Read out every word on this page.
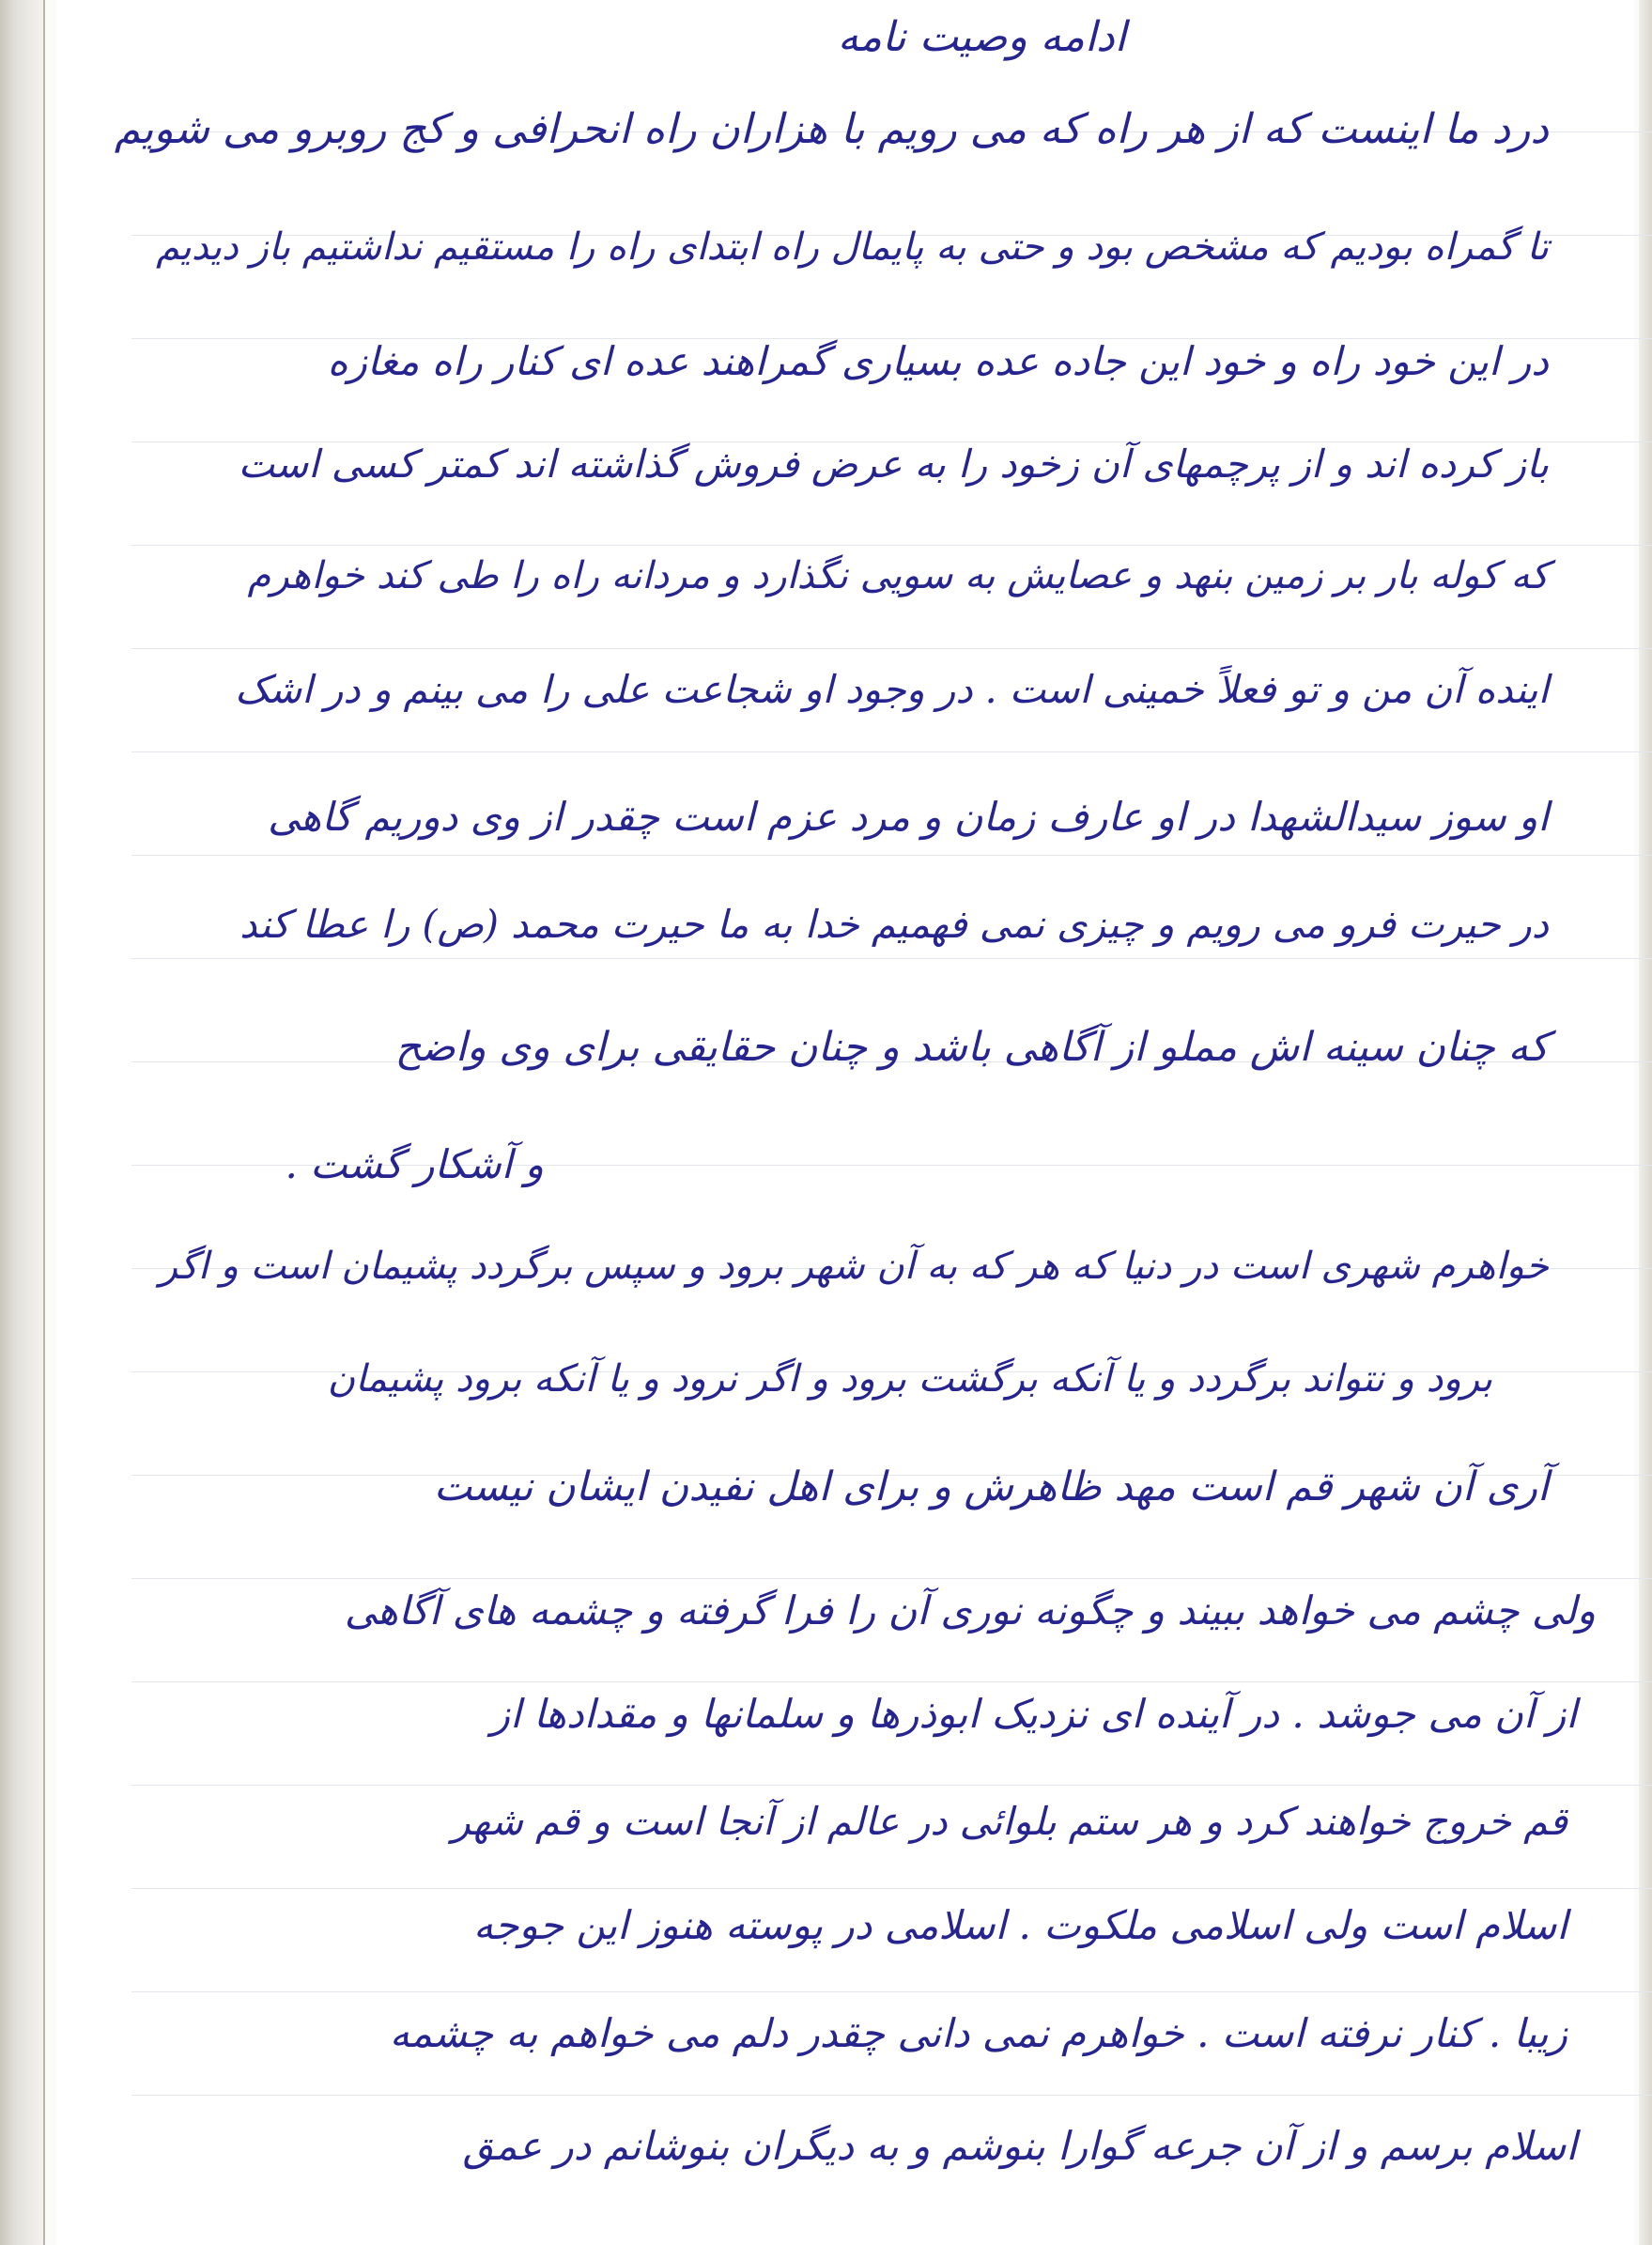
ادامه وصیت نامه
درد ما اینست که از هر راه که می رویم با هزاران راه انحرافی و کج روبرو می شویم
تا گمراه بودیم که مشخص بود و حتی به پایمال راه ابتدای راه را مستقیم نداشتیم باز دیدیم
در این خود راه و خود این جاده عده بسیاری گمراهند عده ای کنار راه مغازه
باز کرده اند و از پرچمهای آن زخود را به عرض فروش گذاشته اند کمتر کسی است
که کوله بار بر زمین بنهد و عصایش به سویی نگذارد و مردانه راه را طی کند خواهرم
اینده آن من و تو فعلاً خمینی است . در وجود او شجاعت علی را می بینم و در اشک
او سوز سیدالشهدا در او عارف زمان و مرد عزم است چقدر از وی دوریم گاهی
در حیرت فرو می رویم و چیزی نمی فهمیم خدا به ما حیرت محمد (ص) را عطا کند
که چنان سینه اش مملو از آگاهی باشد و چنان حقایقی برای وی واضح
و آشکار گشت .
خواهرم شهری است در دنیا که هر که به آن شهر برود و سپس برگردد پشیمان است و اگر
برود و نتواند برگردد و یا آنکه برگشت برود و اگر نرود و یا آنکه برود پشیمان
آری آن شهر قم است مهد ظاهرش و برای اهل نفیدن ایشان نیست
ولی چشم می خواهد ببیند و چگونه نوری آن را فرا گرفته و چشمه های آگاهی
از آن می جوشد . در آینده ای نزدیک ابوذرها و سلمانها و مقدادها از
قم خروج خواهند کرد و هر ستم بلوائی در عالم از آنجا است و قم شهر
اسلام است ولی اسلامی ملکوت . اسلامی در پوسته هنوز این جوجه
زیبا . کنار نرفته است . خواهرم نمی دانی چقدر دلم می خواهم به چشمه
اسلام برسم و از آن جرعه گوارا بنوشم و به دیگران بنوشانم در عمق
